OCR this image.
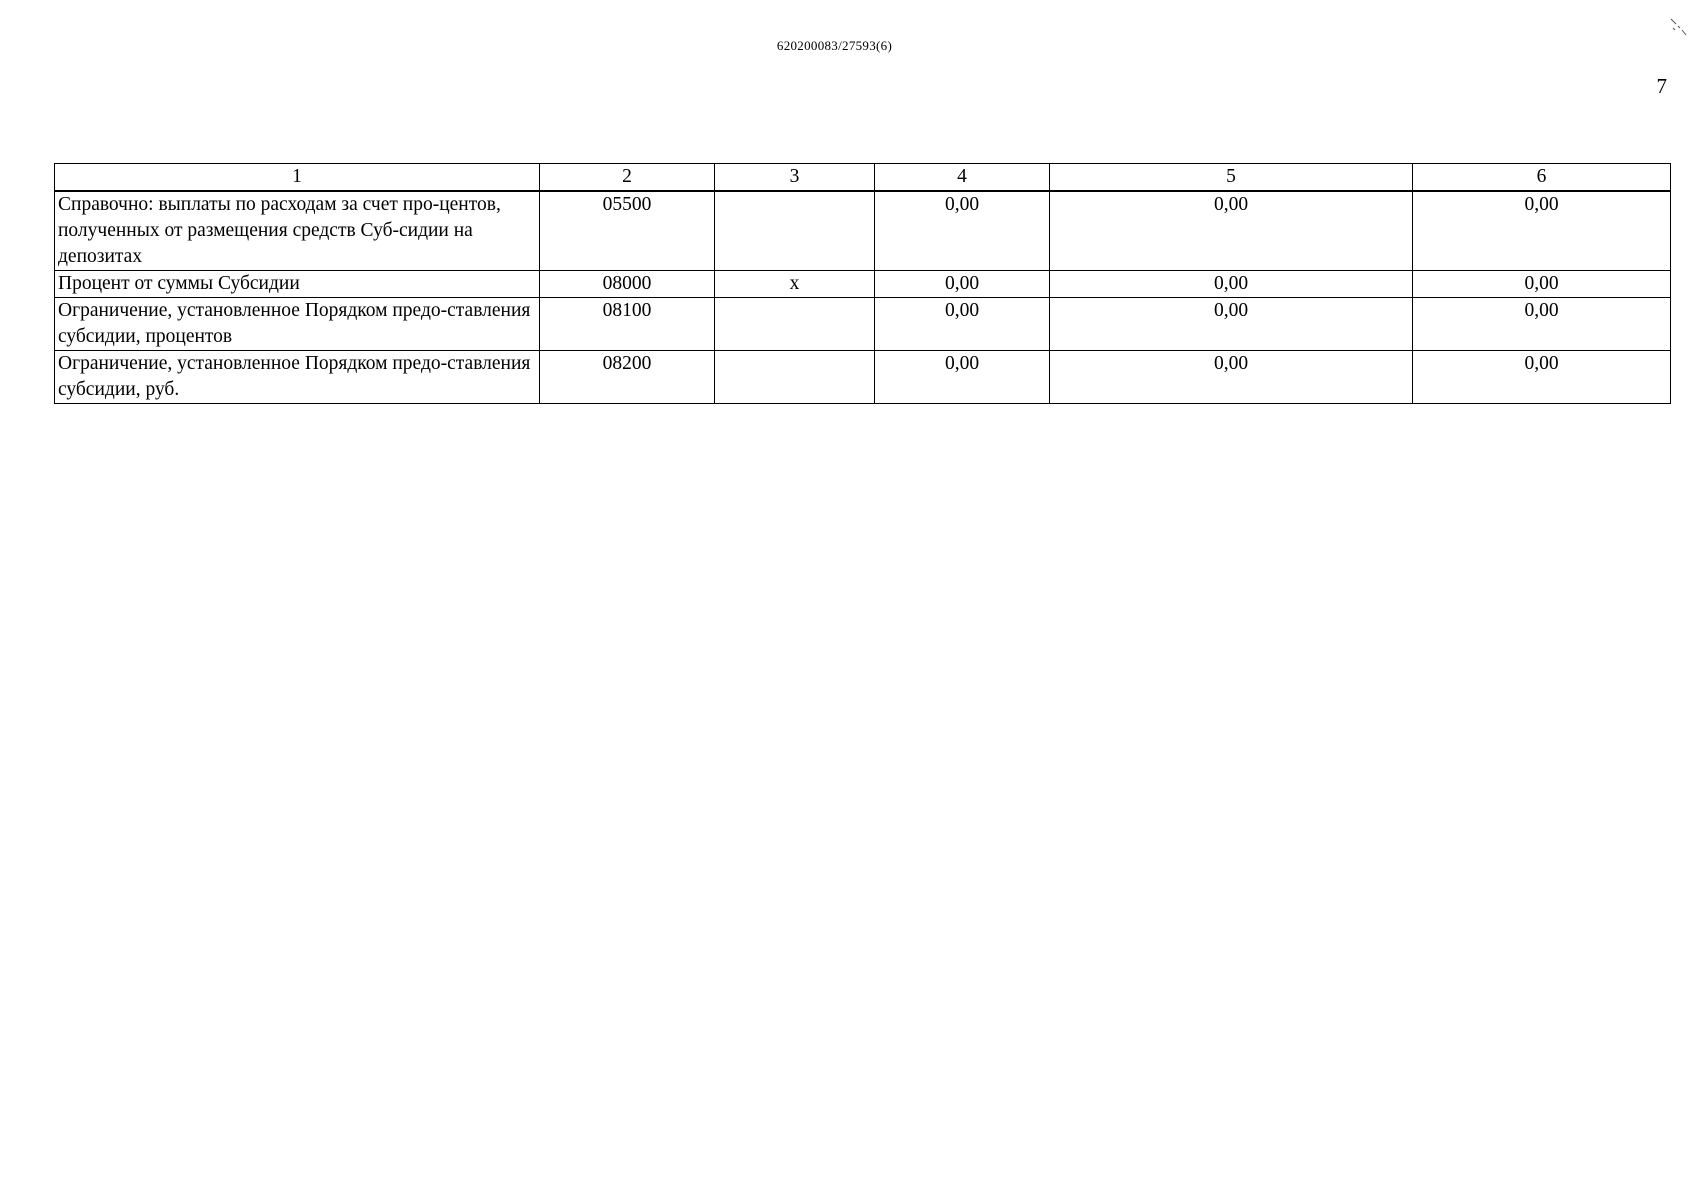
620200083/27593(6)
7
1	2	3	4	5	6
Справочно: выплаты по расходам за счет про-центов, полученных от размещения средств Суб-сидии на депозитах	05500		0,00	0,00	0,00
Процент от суммы Субсидии	08000	х	0,00	0,00	0,00
Ограничение, установленное Порядком предо-ставления субсидии, процентов	08100		0,00	0,00	0,00
Ограничение, установленное Порядком предо-ставления субсидии, руб.	08200		0,00	0,00	0,00
